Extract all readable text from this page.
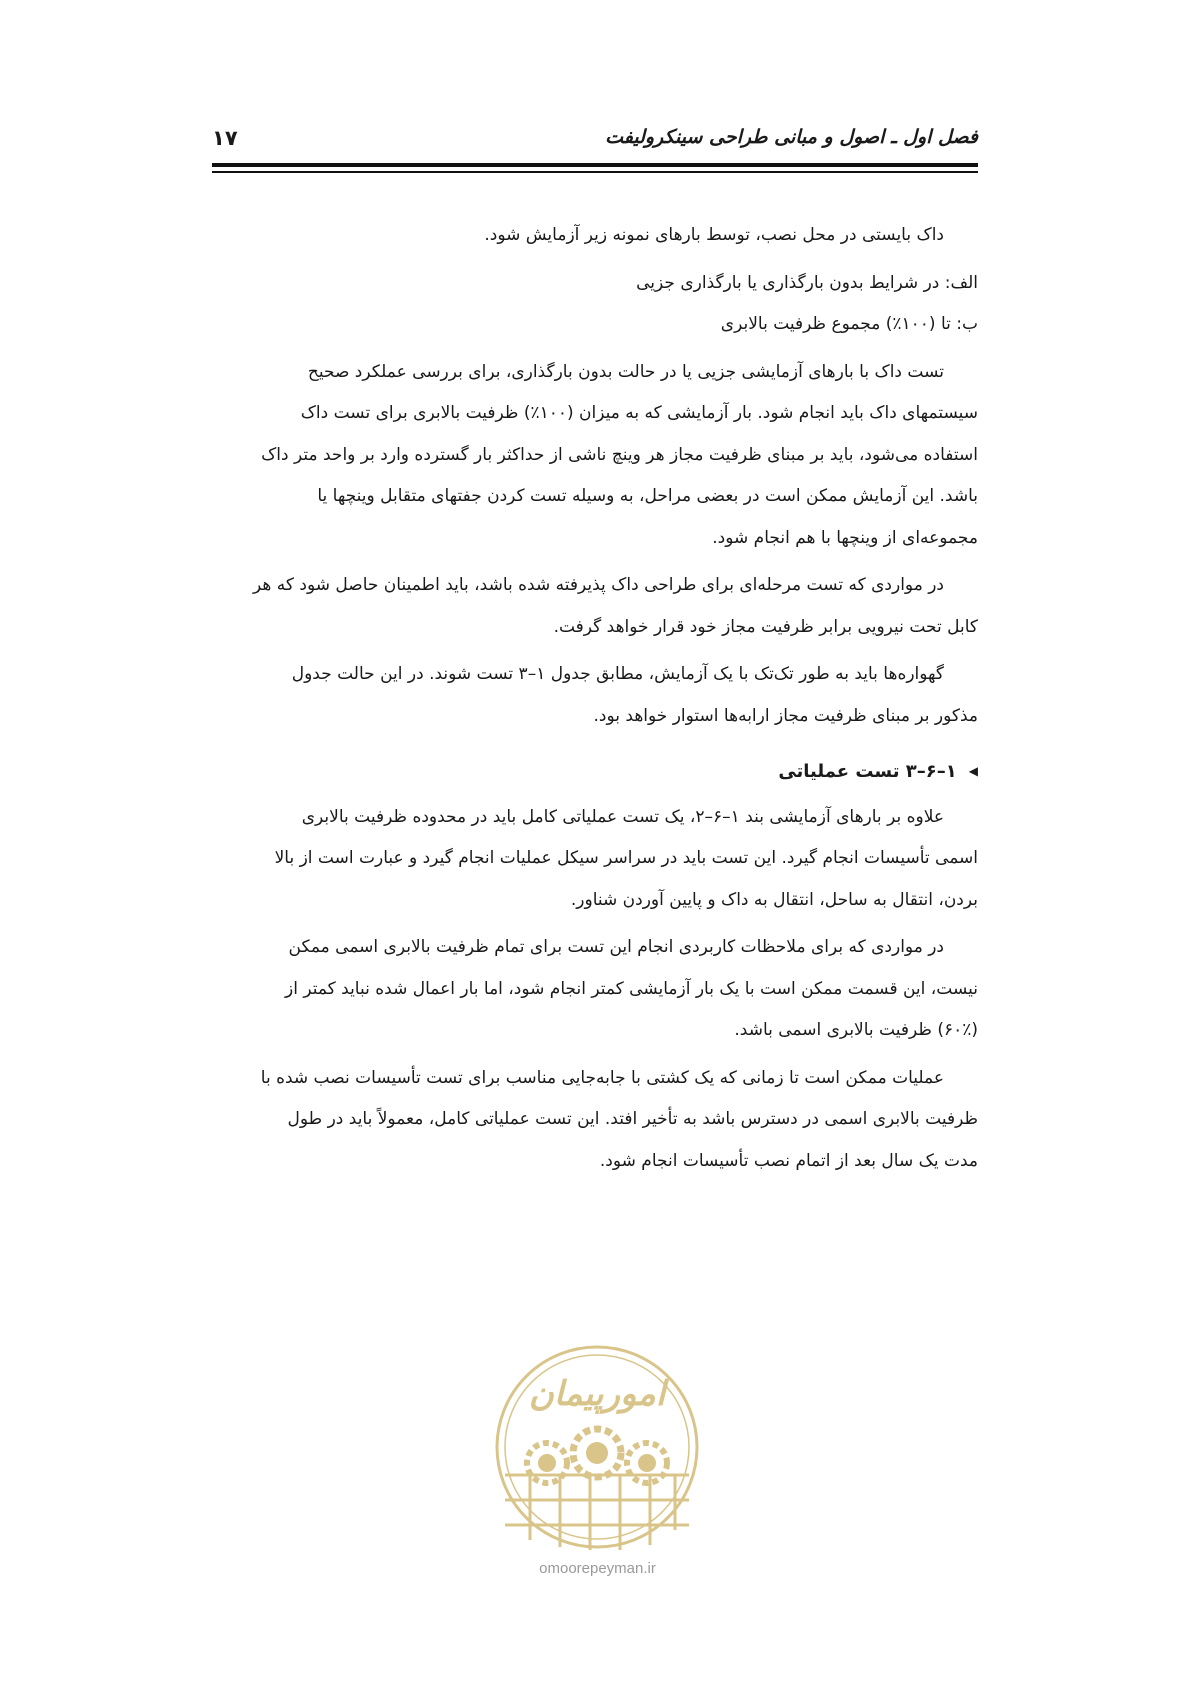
فصل اول ـ اصول و مبانی طراحی سینکرولیفت
۱۷

داک بایستی در محل نصب، توسط بارهای نمونه زیر آزمایش شود.

الف: در شرایط بدون بارگذاری یا بارگذاری جزیی

ب: تا (۱۰۰٪) مجموع ظرفیت بالابری

تست داک با بارهای آزمایشی جزیی یا در حالت بدون بارگذاری، برای بررسی عملکرد صحیح
سیستمهای داک باید انجام شود. بار آزمایشی که به میزان (۱۰۰٪) ظرفیت بالابری برای تست داک
استفاده می‌شود، باید بر مبنای ظرفیت مجاز هر وینچ ناشی از حداکثر بار گسترده وارد بر واحد متر داک
باشد. این آزمایش ممکن است در بعضی مراحل، به وسیله تست کردن جفتهای متقابل وینچها یا
مجموعه‌ای از وینچها با هم انجام شود.

در مواردی که تست مرحله‌ای برای طراحی داک پذیرفته شده باشد، باید اطمینان حاصل شود که هر
کابل تحت نیرویی برابر ظرفیت مجاز خود قرار خواهد گرفت.

گهواره‌ها باید به طور تک‌تک با یک آزمایش، مطابق جدول ۱–۳ تست شوند. در این حالت جدول
مذکور بر مبنای ظرفیت مجاز ارابه‌ها استوار خواهد بود.

◀
۱–۶–۳ تست عملیاتی

علاوه بر بارهای آزمایشی بند ۱–۶–۲، یک تست عملیاتی کامل باید در محدوده ظرفیت بالابری
اسمی تأسیسات انجام گیرد. این تست باید در سراسر سیکل عملیات انجام گیرد و عبارت است از بالا
بردن، انتقال به ساحل، انتقال به داک و پایین آوردن شناور.

در مواردی که برای ملاحظات کاربردی انجام این تست برای تمام ظرفیت بالابری اسمی ممکن
نیست، این قسمت ممکن است با یک بار آزمایشی کمتر انجام شود، اما بار اعمال شده نباید کمتر از
(۶۰٪) ظرفیت بالابری اسمی باشد.

عملیات ممکن است تا زمانی که یک کشتی با جابه‌جایی مناسب برای تست تأسیسات نصب شده با
ظرفیت بالابری اسمی در دسترس باشد به تأخیر افتد. این تست عملیاتی کامل، معمولاً باید در طول
مدت یک سال بعد از اتمام نصب تأسیسات انجام شود.

امورپیمان
omoorepeyman.ir
